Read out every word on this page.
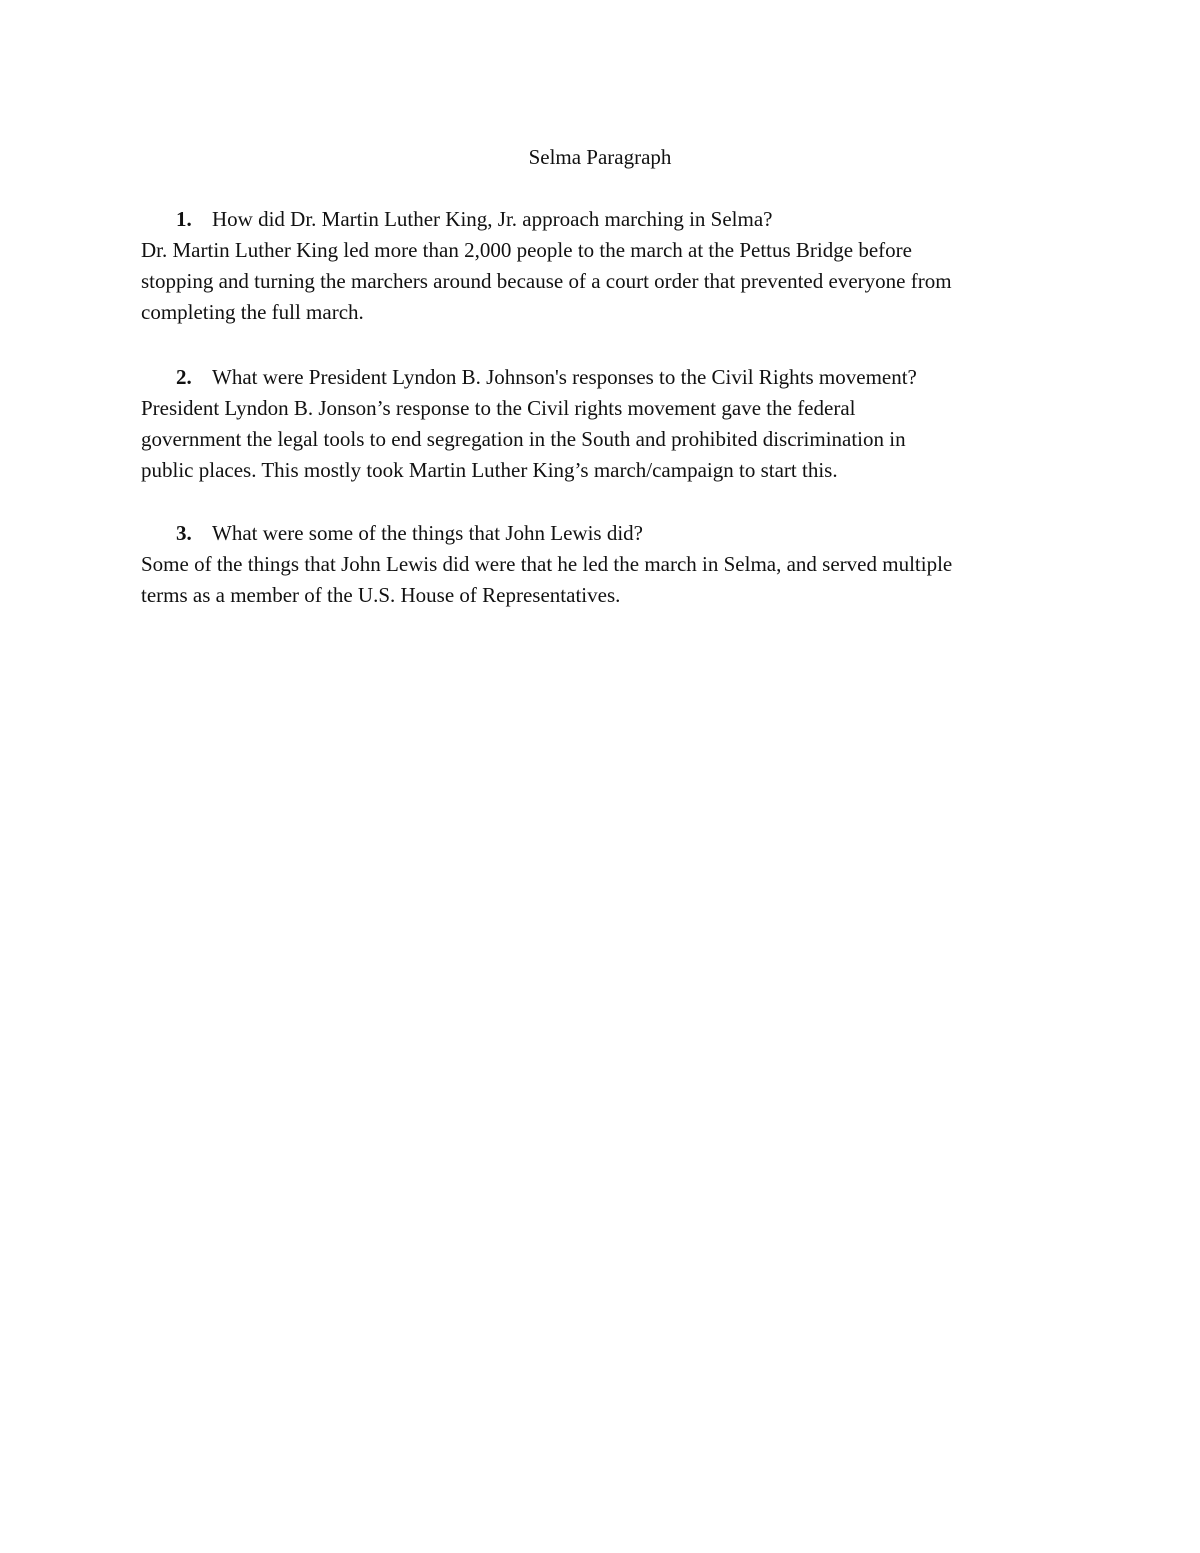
Selma Paragraph
1. How did Dr. Martin Luther King, Jr. approach marching in Selma?
Dr. Martin Luther King led more than 2,000 people to the march at the Pettus Bridge before
stopping and turning the marchers around because of a court order that prevented everyone from
completing the full march.
2. What were President Lyndon B. Johnson's responses to the Civil Rights movement?
President Lyndon B. Jonson’s response to the Civil rights movement gave the federal
government the legal tools to end segregation in the South and prohibited discrimination in
public places. This mostly took Martin Luther King’s march/campaign to start this.
3. What were some of the things that John Lewis did?
Some of the things that John Lewis did were that he led the march in Selma, and served multiple
terms as a member of the U.S. House of Representatives.
